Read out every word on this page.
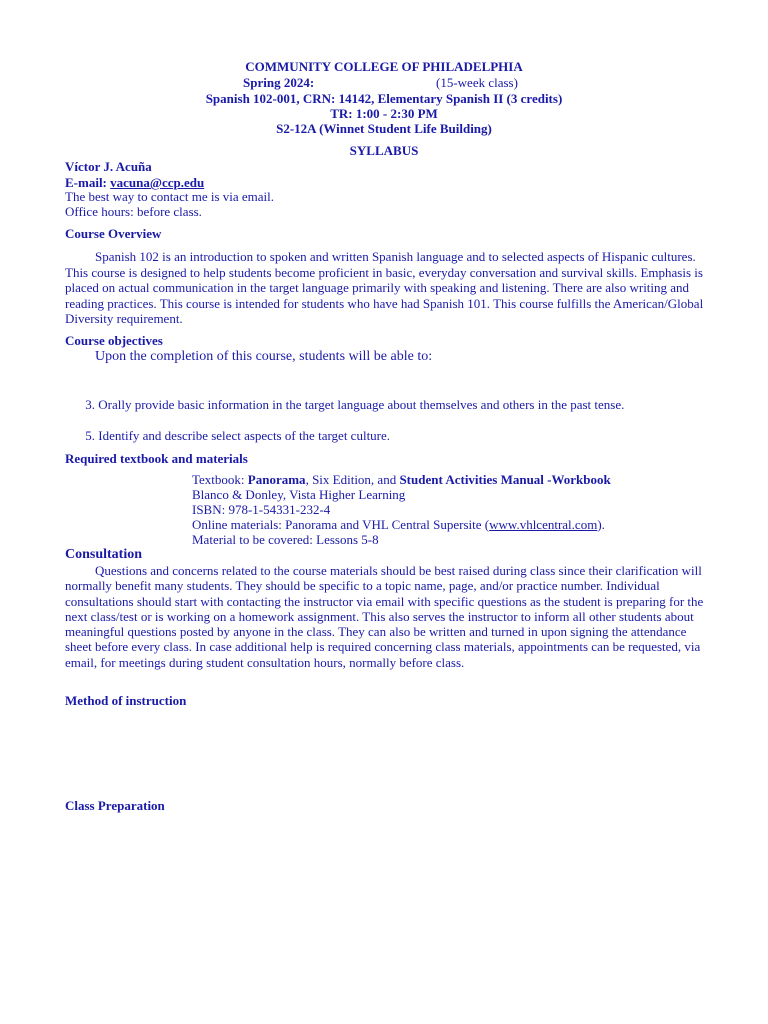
COMMUNITY COLLEGE OF PHILADELPHIA
Spring 2024:	(15-week class)
Spanish 102-001, CRN: 14142, Elementary Spanish II (3 credits)
TR: 1:00 - 2:30 PM
S2-12A (Winnet Student Life Building)
SYLLABUS
Víctor J. Acuña
E-mail: vacuna@ccp.edu
The best way to contact me is via email.
Office hours: before class.
Course Overview
Spanish 102 is an introduction to spoken and written Spanish language and to selected aspects of Hispanic cultures. This course is designed to help students become proficient in basic, everyday conversation and survival skills. Emphasis is placed on actual communication in the target language primarily with speaking and listening. There are also writing and reading practices. This course is intended for students who have had Spanish 101. This course fulfills the American/Global Diversity requirement.
Course objectives
Upon the completion of this course, students will be able to:
3. Orally provide basic information in the target language about themselves and others in the past tense.
5. Identify and describe select aspects of the target culture.
Required textbook and materials
Textbook: Panorama, Six Edition, and Student Activities Manual -Workbook
Blanco & Donley, Vista Higher Learning
ISBN: 978-1-54331-232-4
Online materials: Panorama and VHL Central Supersite (www.vhlcentral.com).
Material to be covered: Lessons 5-8
Consultation
Questions and concerns related to the course materials should be best raised during class since their clarification will normally benefit many students. They should be specific to a topic name, page, and/or practice number. Individual consultations should start with contacting the instructor via email with specific questions as the student is preparing for the next class/test or is working on a homework assignment. This also serves the instructor to inform all other students about meaningful questions posted by anyone in the class. They can also be written and turned in upon signing the attendance sheet before every class. In case additional help is required concerning class materials, appointments can be requested, via email, for meetings during student consultation hours, normally before class.
Method of instruction
Class Preparation
